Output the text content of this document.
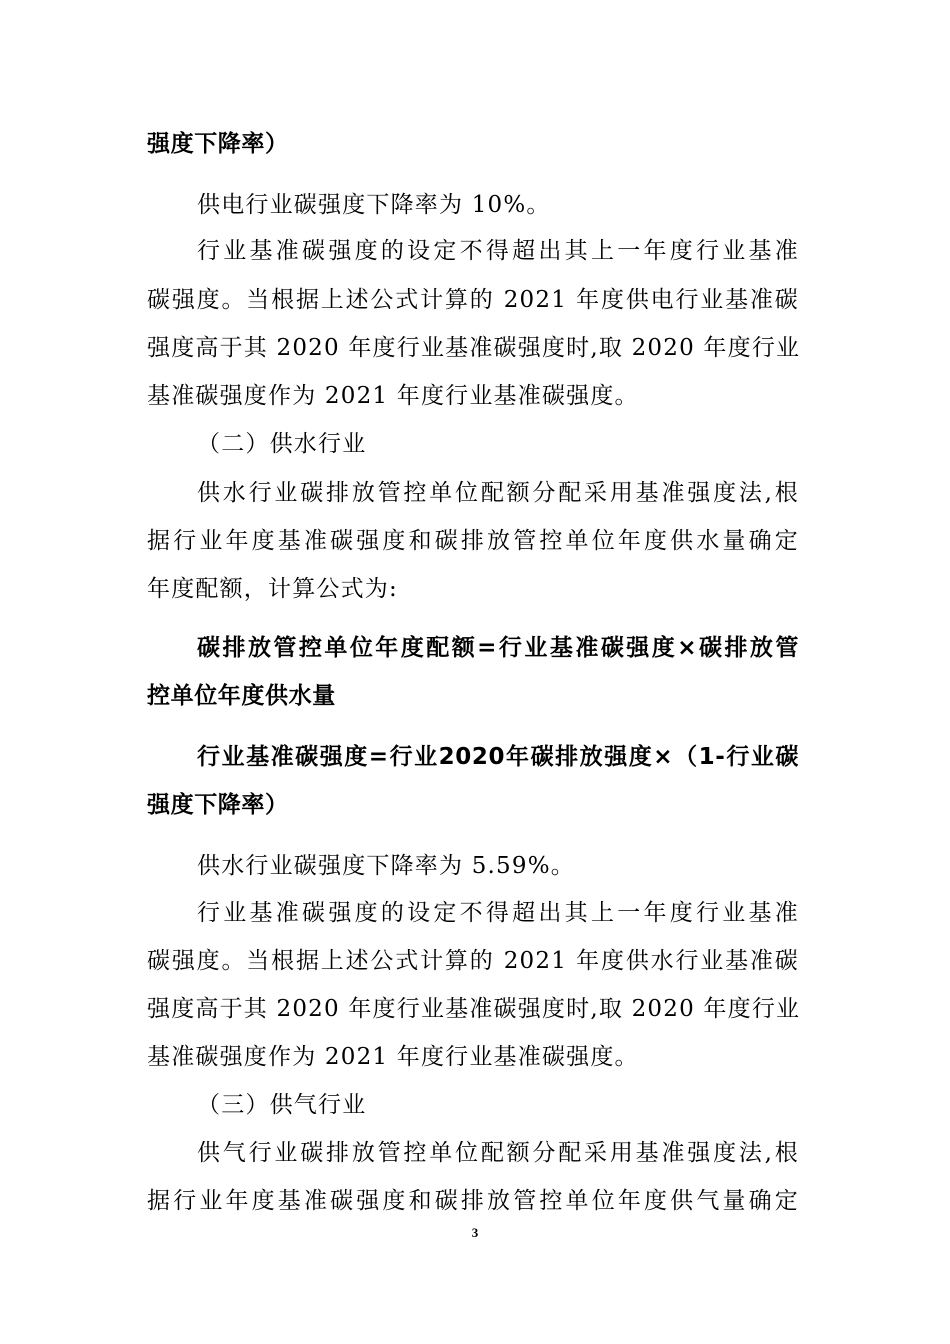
强度下降率）
供电行业碳强度下降率为 10%。
行业基准碳强度的设定不得超出其上一年度行业基准
碳强度。当根据上述公式计算的 2021 年度供电行业基准碳
强度高于其 2020 年度行业基准碳强度时,取 2020 年度行业
基准碳强度作为 2021 年度行业基准碳强度。
（二）供水行业
供水行业碳排放管控单位配额分配采用基准强度法,根
据行业年度基准碳强度和碳排放管控单位年度供水量确定
年度配额，计算公式为:
碳排放管控单位年度配额=行业基准碳强度×碳排放管
控单位年度供水量
行业基准碳强度=行业2020年碳排放强度×（1-行业碳
强度下降率）
供水行业碳强度下降率为 5.59%。
行业基准碳强度的设定不得超出其上一年度行业基准
碳强度。当根据上述公式计算的 2021 年度供水行业基准碳
强度高于其 2020 年度行业基准碳强度时,取 2020 年度行业
基准碳强度作为 2021 年度行业基准碳强度。
（三）供气行业
供气行业碳排放管控单位配额分配采用基准强度法,根
据行业年度基准碳强度和碳排放管控单位年度供气量确定
3
